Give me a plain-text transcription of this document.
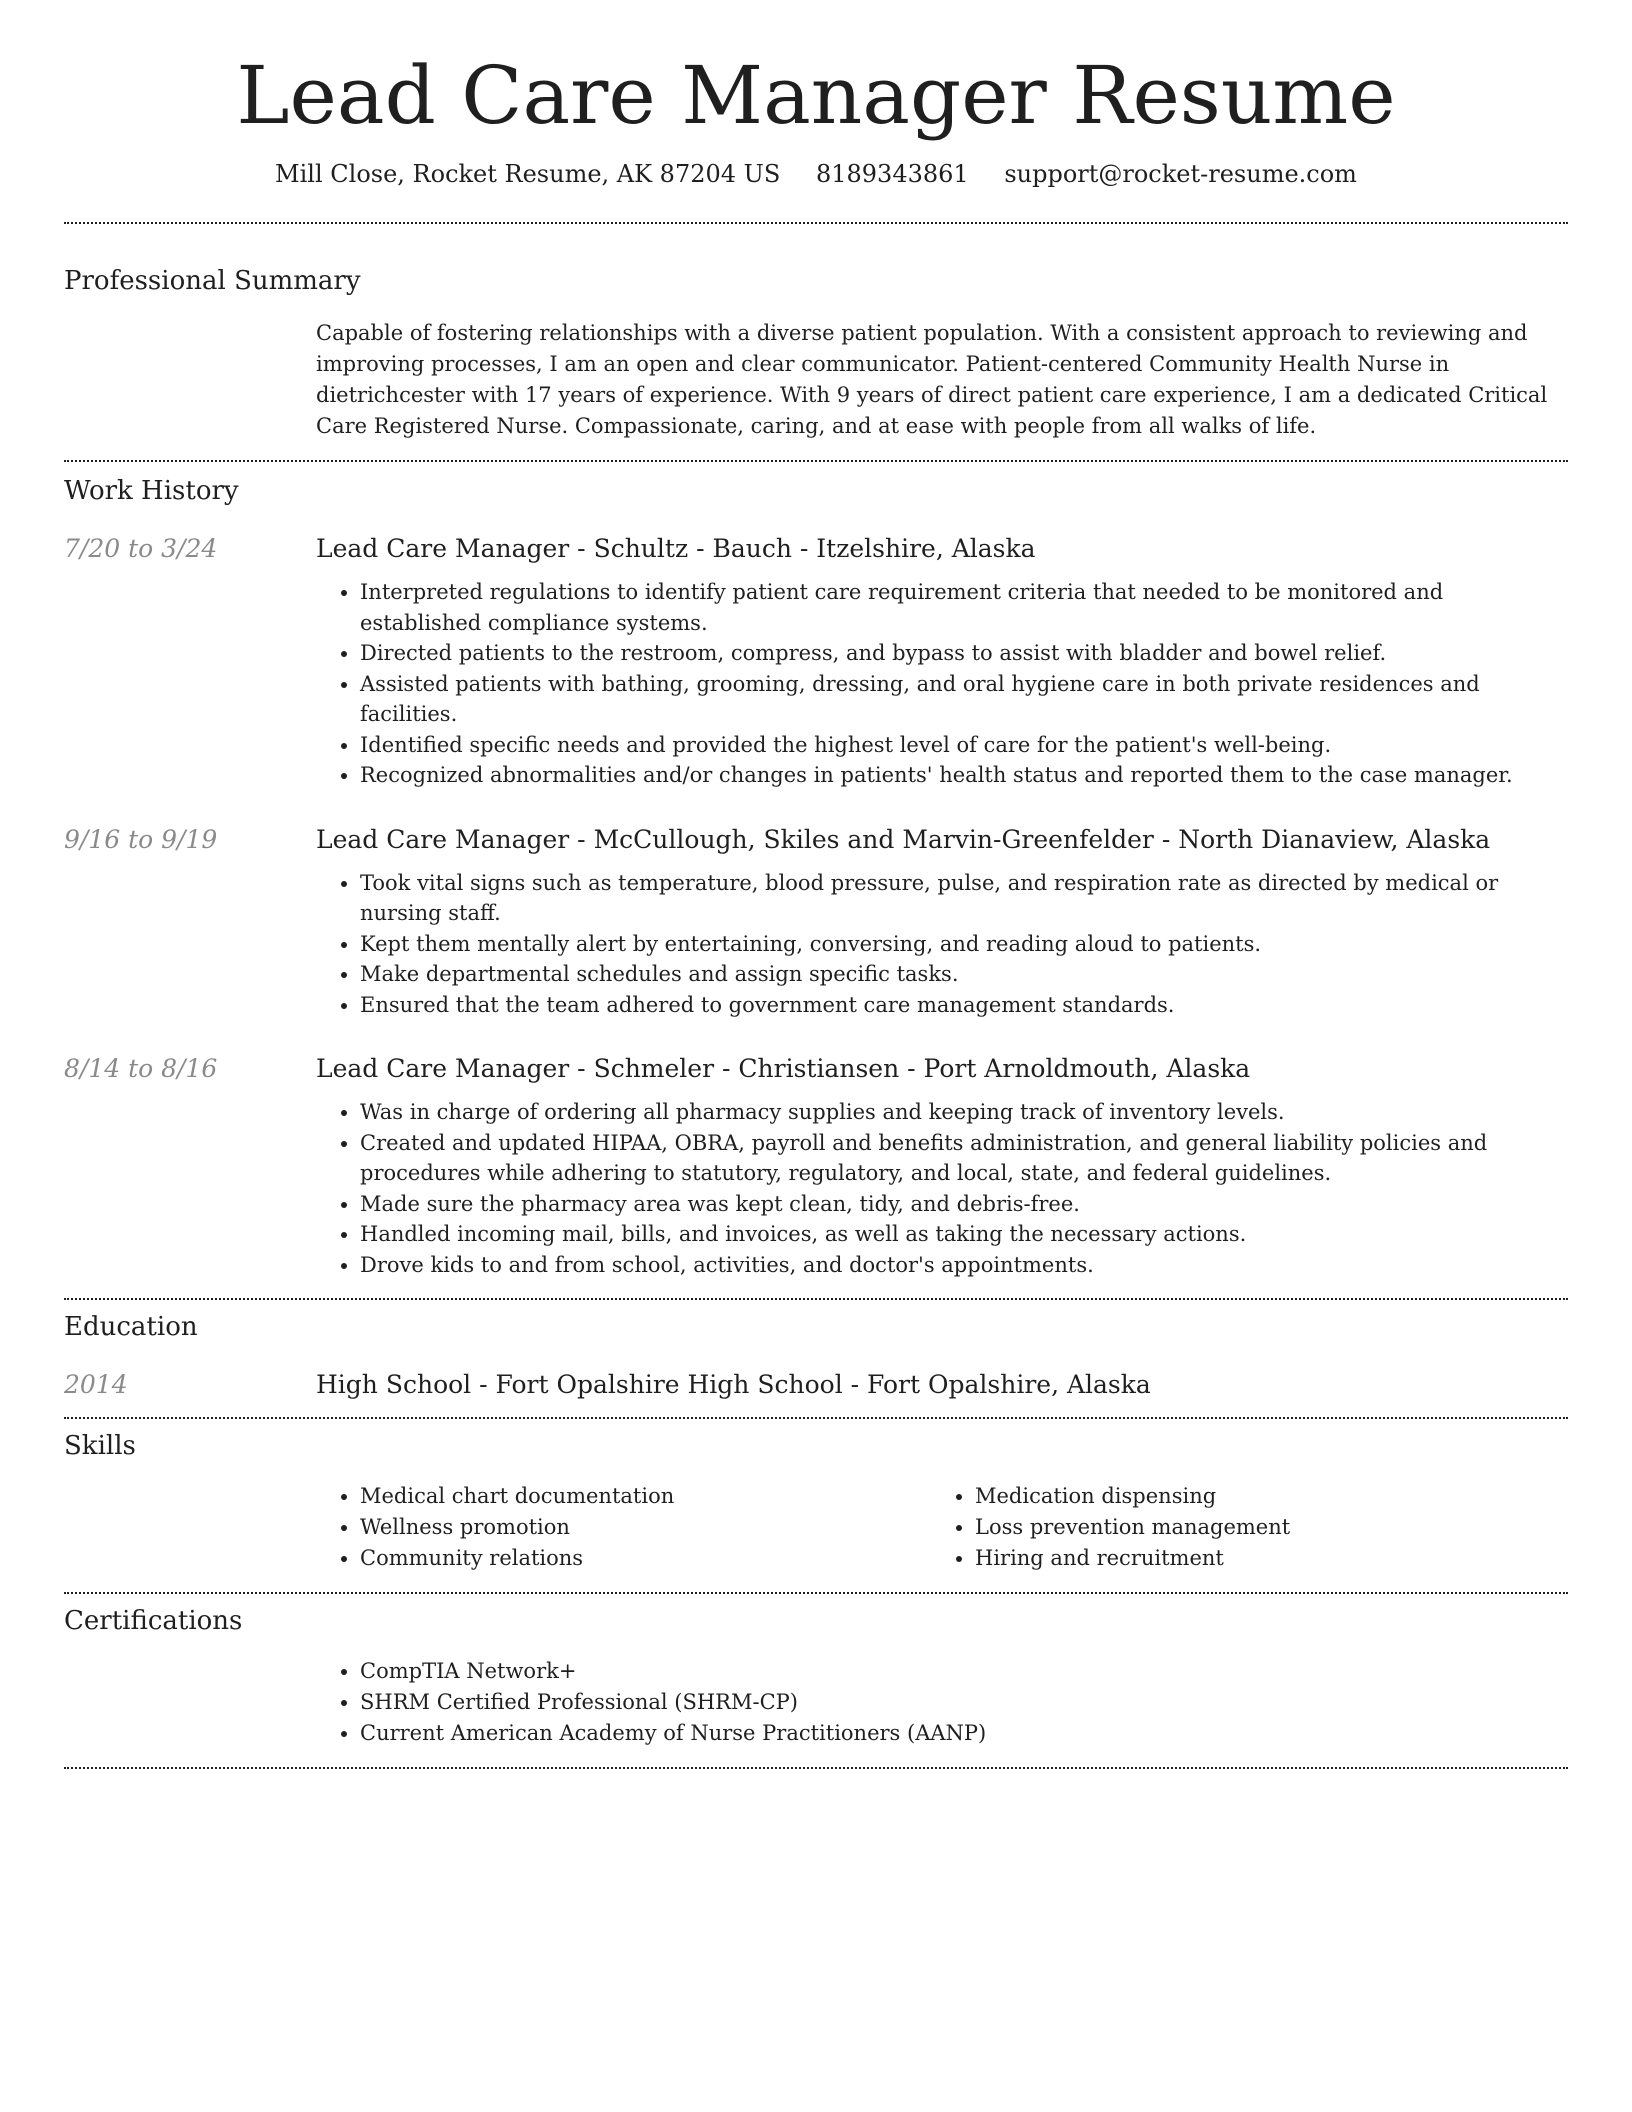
Lead Care Manager Resume
Mill Close, Rocket Resume, AK 87204 US 8189343861 support@rocket-resume.com
Professional Summary

Capable of fostering relationships with a diverse patient population. With a consistent approach to reviewing and improving processes, I am an open and clear communicator. Patient-centered Community Health Nurse in dietrichcester with 17 years of experience. With 9 years of direct patient care experience, I am a dedicated Critical Care Registered Nurse. Compassionate, caring, and at ease with people from all walks of life.

Work History
7/20 to 3/24	Lead Care Manager - Schultz - Bauch - Itzelshire, Alaska
• Interpreted regulations to identify patient care requirement criteria that needed to be monitored and established compliance systems.
• Directed patients to the restroom, compress, and bypass to assist with bladder and bowel relief.
• Assisted patients with bathing, grooming, dressing, and oral hygiene care in both private residences and facilities.
• Identified specific needs and provided the highest level of care for the patient's well-being.
• Recognized abnormalities and/or changes in patients' health status and reported them to the case manager.
9/16 to 9/19	Lead Care Manager - McCullough, Skiles and Marvin-Greenfelder - North Dianaview, Alaska
• Took vital signs such as temperature, blood pressure, pulse, and respiration rate as directed by medical or nursing staff.
• Kept them mentally alert by entertaining, conversing, and reading aloud to patients.
• Make departmental schedules and assign specific tasks.
• Ensured that the team adhered to government care management standards.
8/14 to 8/16	Lead Care Manager - Schmeler - Christiansen - Port Arnoldmouth, Alaska
• Was in charge of ordering all pharmacy supplies and keeping track of inventory levels.
• Created and updated HIPAA, OBRA, payroll and benefits administration, and general liability policies and procedures while adhering to statutory, regulatory, and local, state, and federal guidelines.
• Made sure the pharmacy area was kept clean, tidy, and debris-free.
• Handled incoming mail, bills, and invoices, as well as taking the necessary actions.
• Drove kids to and from school, activities, and doctor's appointments.
Education
2014	High School - Fort Opalshire High School - Fort Opalshire, Alaska
Skills
• Medical chart documentation
• Wellness promotion
• Community relations
• Medication dispensing
• Loss prevention management
• Hiring and recruitment
Certifications
• CompTIA Network+
• SHRM Certified Professional (SHRM-CP)
• Current American Academy of Nurse Practitioners (AANP)
